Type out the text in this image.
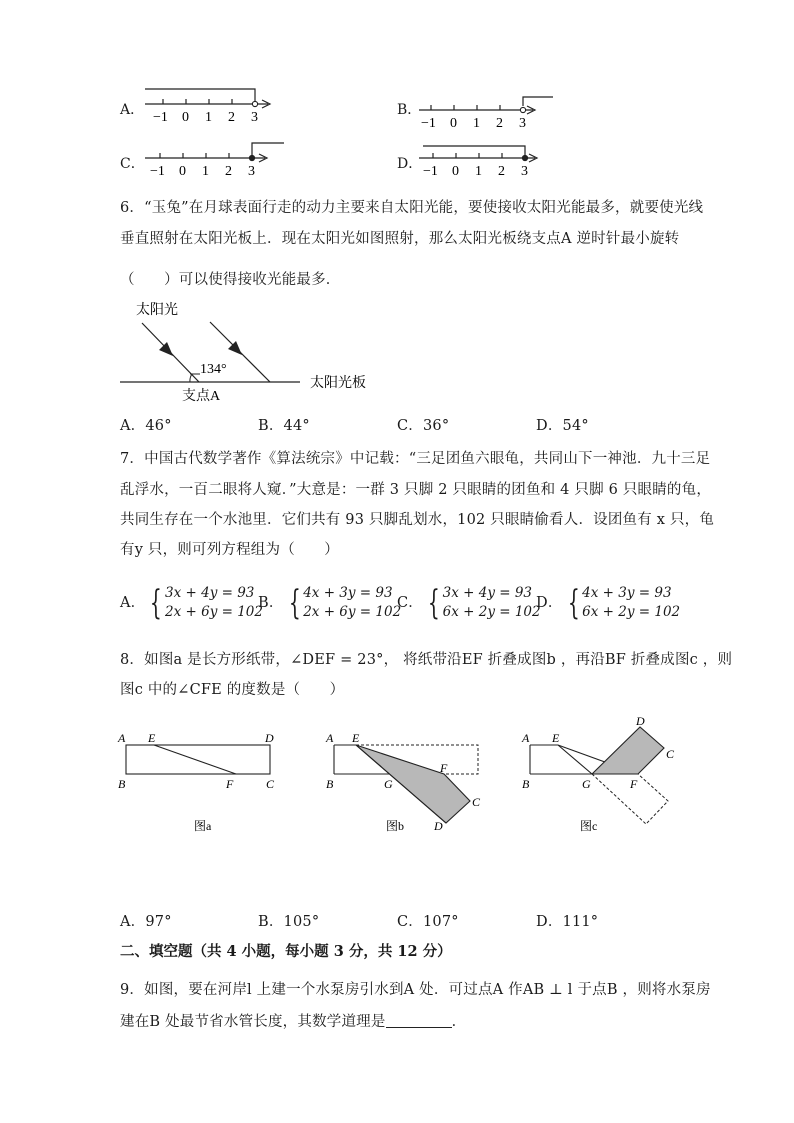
A． −1 0 1 2 3	B．
−1 0 1 2 3
C． −1 0 1 2 3	D． −1 0 1 2 3
6．“玉兔”在月球表面行走的动力主要来自太阳光能，要使接收太阳光能最多，就要使光线
垂直照射在太阳光板上．现在太阳光如图照射，那么太阳光板绕支点A 逆时针最小旋转
（　　）可以使得接收光能最多．
太阳光
134°
支点A
太阳光板
A．46°	B．44°	C．36°	D．54°
7．中国古代数学著作《算法统宗》中记载：“三足团鱼六眼龟，共同山下一神池．九十三足
乱浮水，一百二眼将人窥．”大意是：一群 3 只脚 2 只眼睛的团鱼和 4 只脚 6 只眼睛的龟，
共同生存在一个水池里．它们共有 93 只脚乱划水，102 只眼睛偷看人．设团鱼有 x 只，龟
有y 只，则可列方程组为（　　）
A． { 3x + 4y = 93
2x + 6y = 102
B． { 4x + 3y = 93
2x + 6y = 102
C． { 3x + 4y = 93
6x + 2y = 102
D． { 4x + 3y = 93
6x + 2y = 102
8．如图a 是长方形纸带，∠DEF = 23°， 将纸带沿EF 折叠成图b ，再沿BF 折叠成图c ，则
图c 中的∠CFE 的度数是（　　）
A E	D
B	F	C
图a
A E
F
B	G
C
D
图b
A E
D
C
B	G	F
图c
A．97°	B．105°	C．107°	D．111°
二、填空题（共 4 小题，每小题 3 分，共 12 分）
9．如图，要在河岸l 上建一个水泵房引水到A 处．可过点A 作AB ⊥ l 于点B ，则将水泵房
建在B 处最节省水管长度，其数学道理是	．
